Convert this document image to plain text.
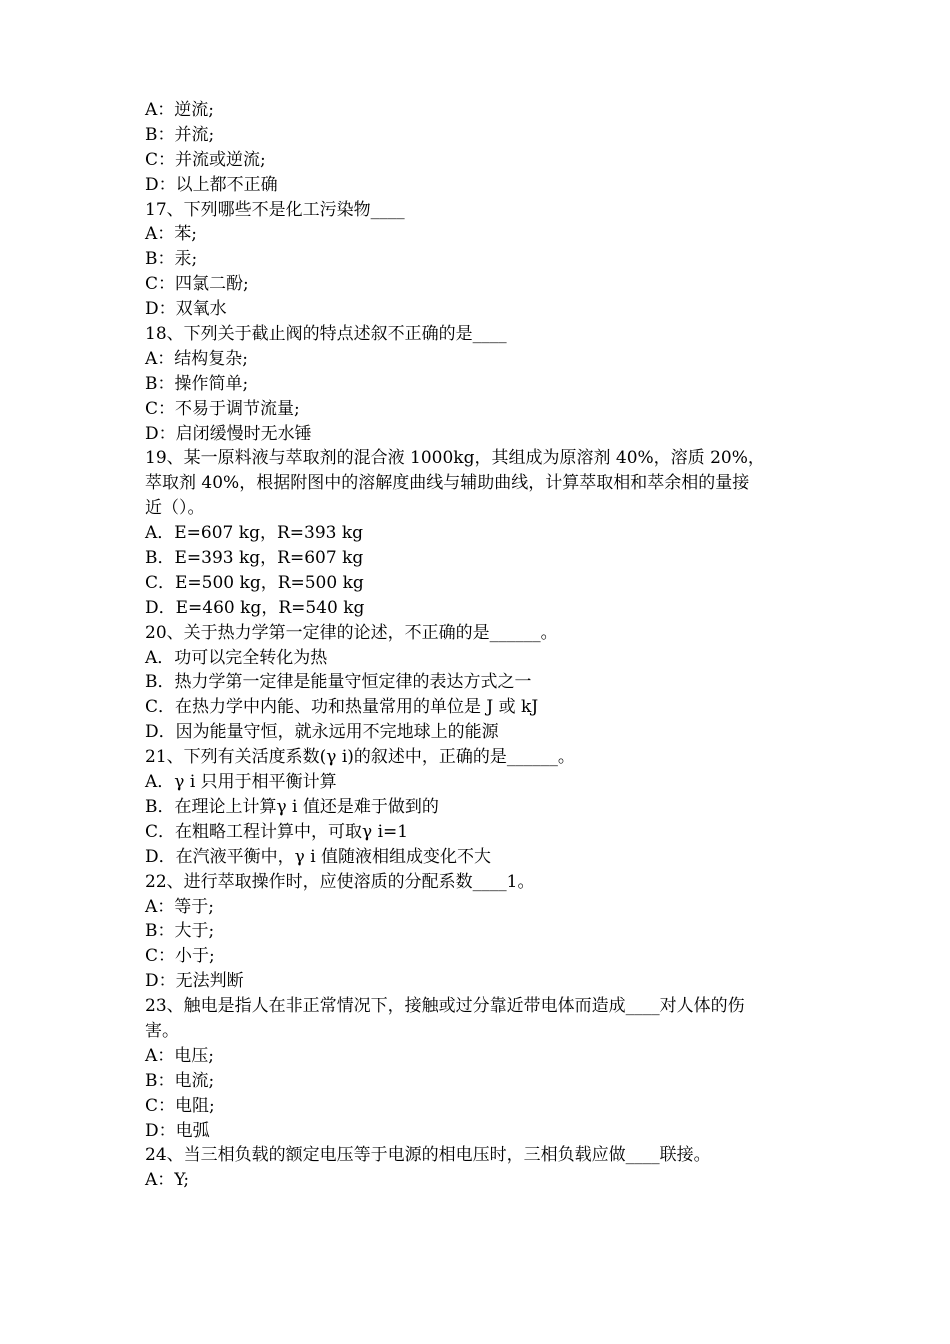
A：逆流;
B：并流;
C：并流或逆流;
D：以上都不正确
17、下列哪些不是化工污染物____
A：苯;
B：汞;
C：四氯二酚;
D：双氧水
18、下列关于截止阀的特点述叙不正确的是____
A：结构复杂;
B：操作简单;
C：不易于调节流量;
D：启闭缓慢时无水锤
19、某一原料液与萃取剂的混合液 1000kg，其组成为原溶剂 40%，溶质 20%，
萃取剂 40%，根据附图中的溶解度曲线与辅助曲线，计算萃取相和萃余相的量接
近（）。
A．E=607 kg，R=393 kg
B．E=393 kg，R=607 kg
C．E=500 kg，R=500 kg
D．E=460 kg，R=540 kg
20、关于热力学第一定律的论述，不正确的是______。
A．功可以完全转化为热
B．热力学第一定律是能量守恒定律的表达方式之一
C．在热力学中内能、功和热量常用的单位是 J 或 kJ
D．因为能量守恒，就永远用不完地球上的能源
21、下列有关活度系数(γ i)的叙述中，正确的是______。
A．γ i 只用于相平衡计算
B．在理论上计算γ i 值还是难于做到的
C．在粗略工程计算中，可取γ i=1
D．在汽液平衡中，γ i 值随液相组成变化不大
22、进行萃取操作时，应使溶质的分配系数____1。
A：等于;
B：大于;
C：小于;
D：无法判断
23、触电是指人在非正常情况下，接触或过分靠近带电体而造成____对人体的伤
害。
A：电压;
B：电流;
C：电阻;
D：电弧
24、当三相负载的额定电压等于电源的相电压时，三相负载应做____联接。
A：Y;
